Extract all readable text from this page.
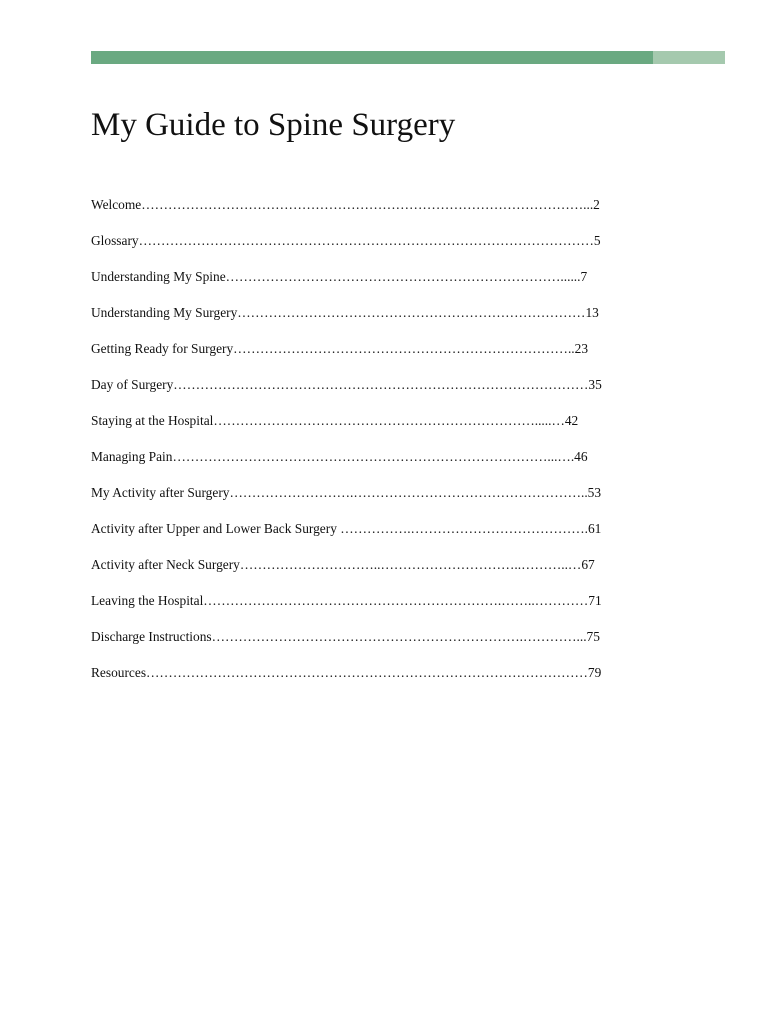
My Guide to Spine Surgery
Welcome………………………………………………………………………………………...2
Glossary…………………………………………………………………………………………5
Understanding My Spine…………………………………………………………………......7
Understanding My Surgery……………………………………………………………………13
Getting Ready for Surgery…………………………………………………………………..23
Day of Surgery…………………………………………………………………………………35
Staying at the Hospital……………………………………………………………….....…42
Managing Pain…………………………………………………………………………...….46
My Activity after Surgery……………………….……………………………………………..53
Activity after Upper and Lower Back Surgery …………….………………………………….61
Activity after Neck Surgery…………………………..…………………………..………..…67
Leaving the Hospital………………………………………………………….……..…………71
Discharge Instructions…………………………………………………………….…………...75
Resources………………………………………………………………………………………79
